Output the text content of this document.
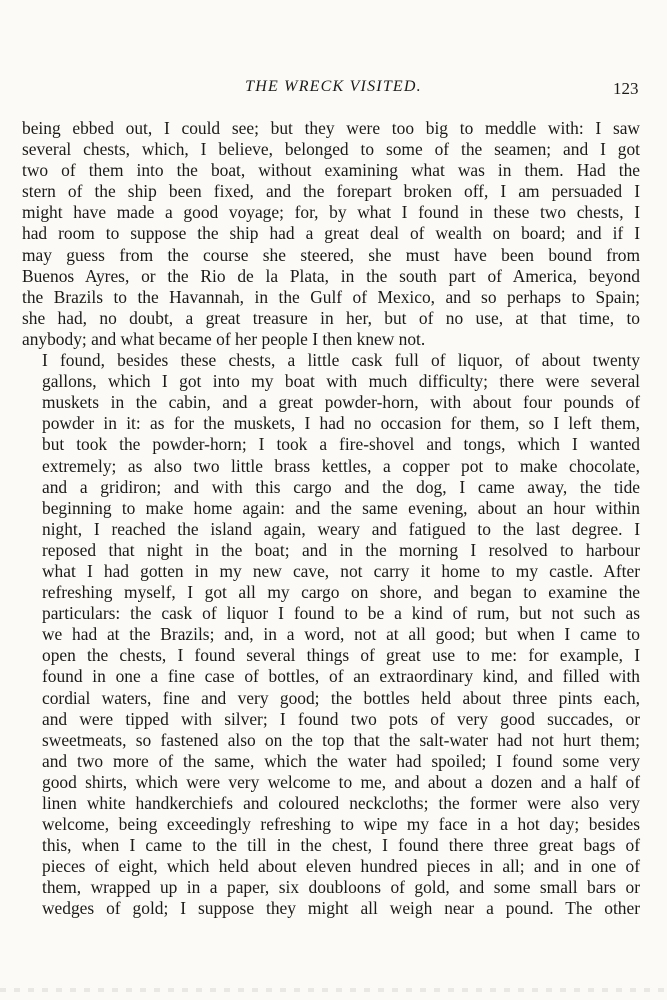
THE WRECK VISITED.	123

being ebbed out, I could see; but they were too big to meddle with: I saw
several chests, which, I believe, belonged to some of the seamen; and I got
two of them into the boat, without examining what was in them. Had the
stern of the ship been fixed, and the forepart broken off, I am persuaded I
might have made a good voyage; for, by what I found in these two chests, I
had room to suppose the ship had a great deal of wealth on board; and if I
may guess from the course she steered, she must have been bound from
Buenos Ayres, or the Rio de la Plata, in the south part of America, beyond
the Brazils to the Havannah, in the Gulf of Mexico, and so perhaps to Spain;
she had, no doubt, a great treasure in her, but of no use, at that time, to
anybody; and what became of her people I then knew not.

I found, besides these chests, a little cask full of liquor, of about twenty
gallons, which I got into my boat with much difficulty; there were several
muskets in the cabin, and a great powder-horn, with about four pounds of
powder in it: as for the muskets, I had no occasion for them, so I left them,
but took the powder-horn; I took a fire-shovel and tongs, which I wanted
extremely; as also two little brass kettles, a copper pot to make chocolate,
and a gridiron; and with this cargo and the dog, I came away, the tide
beginning to make home again: and the same evening, about an hour within
night, I reached the island again, weary and fatigued to the last degree. I
reposed that night in the boat; and in the morning I resolved to harbour
what I had gotten in my new cave, not carry it home to my castle. After
refreshing myself, I got all my cargo on shore, and began to examine the
particulars: the cask of liquor I found to be a kind of rum, but not such as
we had at the Brazils; and, in a word, not at all good; but when I came to
open the chests, I found several things of great use to me: for example, I
found in one a fine case of bottles, of an extraordinary kind, and filled with
cordial waters, fine and very good; the bottles held about three pints each,
and were tipped with silver; I found two pots of very good succades, or
sweetmeats, so fastened also on the top that the salt-water had not hurt them;
and two more of the same, which the water had spoiled; I found some very
good shirts, which were very welcome to me, and about a dozen and a half of
linen white handkerchiefs and coloured neckcloths; the former were also very
welcome, being exceedingly refreshing to wipe my face in a hot day; besides
this, when I came to the till in the chest, I found there three great bags of
pieces of eight, which held about eleven hundred pieces in all; and in one of
them, wrapped up in a paper, six doubloons of gold, and some small bars or
wedges of gold; I suppose they might all weigh near a pound. The other
